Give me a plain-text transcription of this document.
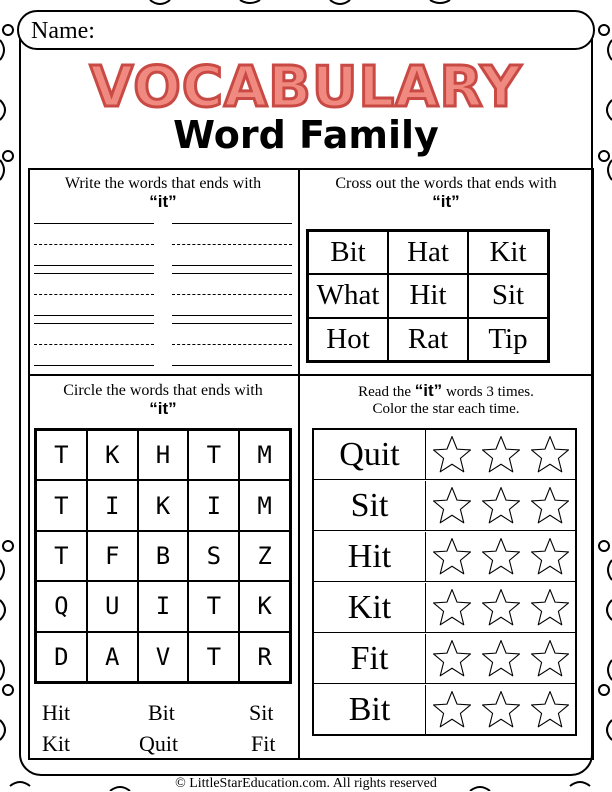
Name:
VOCABULARY
Word Family
Write the words that ends with
“it”
Cross out the words that ends with
“it”
Bit	Hat	Kit
What	Hit	Sit
Hot	Rat	Tip
Circle the words that ends with
“it”
T	K	H	T	M
T	I	K	I	M
T	F	B	S	Z
Q	U	I	T	K
D	A	V	T	R
Hit	Bit	Sit
Kit	Quit	Fit
Read the “it” words 3 times.
Color the star each time.
Quit
Sit
Hit
Kit
Fit
Bit
© LittleStarEducation.com. All rights reserved
